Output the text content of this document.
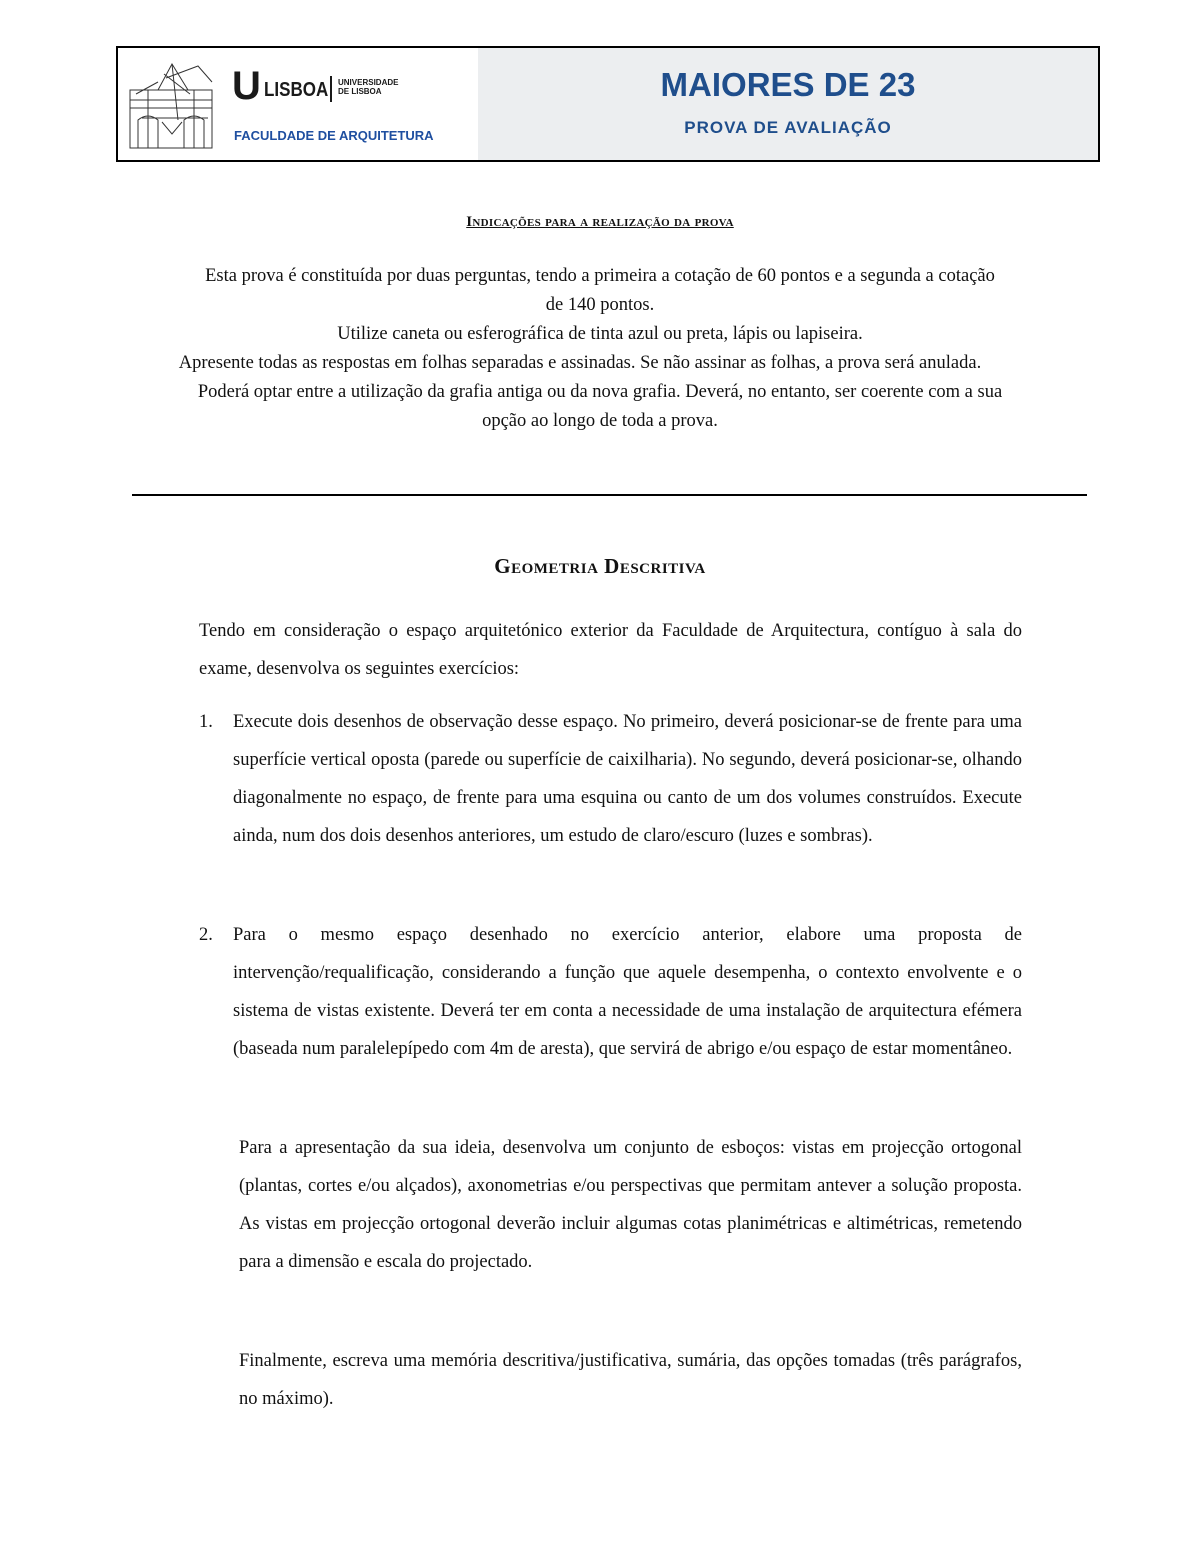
U LISBOA UNIVERSIDADE DE LISBOA
FACULDADE DE ARQUITETURA
MAIORES DE 23
PROVA DE AVALIAÇÃO
Indicações para a realização da prova

Esta prova é constituída por duas perguntas, tendo a primeira a cotação de 60 pontos e a segunda a cotação de 140 pontos.

Utilize caneta ou esferográfica de tinta azul ou preta, lápis ou lapiseira.

Apresente todas as respostas em folhas separadas e assinadas. Se não assinar as folhas, a prova será anulada.

Poderá optar entre a utilização da grafia antiga ou da nova grafia. Deverá, no entanto, ser coerente com a sua opção ao longo de toda a prova.

Geometria Descritiva

Tendo em consideração o espaço arquitetónico exterior da Faculdade de Arquitectura, contíguo à sala do exame, desenvolva os seguintes exercícios:

1. Execute dois desenhos de observação desse espaço. No primeiro, deverá posicionar-se de frente para uma superfície vertical oposta (parede ou superfície de caixilharia). No segundo, deverá posicionar-se, olhando diagonalmente no espaço, de frente para uma esquina ou canto de um dos volumes construídos. Execute ainda, num dos dois desenhos anteriores, um estudo de claro/escuro (luzes e sombras).
2. Para o mesmo espaço desenhado no exercício anterior, elabore uma proposta de intervenção/requalificação, considerando a função que aquele desempenha, o contexto envolvente e o sistema de vistas existente. Deverá ter em conta a necessidade de uma instalação de arquitectura efémera (baseada num paralelepípedo com 4m de aresta), que servirá de abrigo e/ou espaço de estar momentâneo.

Para a apresentação da sua ideia, desenvolva um conjunto de esboços: vistas em projecção ortogonal (plantas, cortes e/ou alçados), axonometrias e/ou perspectivas que permitam antever a solução proposta. As vistas em projecção ortogonal deverão incluir algumas cotas planimétricas e altimétricas, remetendo para a dimensão e escala do projectado.

Finalmente, escreva uma memória descritiva/justificativa, sumária, das opções tomadas (três parágrafos, no máximo).
